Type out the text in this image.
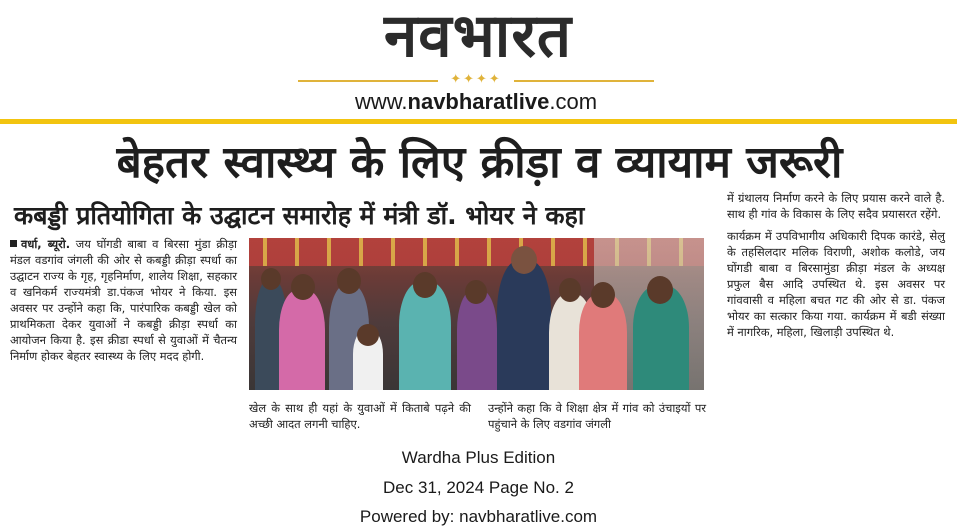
नवभारत
✦✦✦✦
www.navbharatlive.com
बेहतर स्वास्थ्य के लिए क्रीड़ा व व्यायाम जरूरी
कबड्डी प्रतियोगिता के उद्घाटन समारोह में मंत्री डॉ. भोयर ने कहा

वर्धा, ब्यूरो. जय घोंगडी बाबा व बिरसा मुंडा क्रीड़ा मंडल वडगांव जंगली की ओर से कबड्डी क्रीड़ा स्पर्धा का उद्घाटन राज्य के गृह, गृहनिर्माण, शालेय शिक्षा, सहकार व खनिकर्म राज्यमंत्री डा.पंकज भोयर ने किया. इस अवसर पर उन्होंने कहा कि, पारंपारिक कबड्डी खेल को प्राथमिकता देकर युवाओं ने कबड्डी क्रीड़ा स्पर्धा का आयोजन किया है. इस क्रीडा स्पर्धा से युवाओं में चैतन्य निर्माण होकर बेहतर स्वास्थ्य के लिए मदद होगी.

खेल के साथ ही यहां के युवाओं में किताबे पढ़ने की अच्छी आदत लगनी चाहिए.

उन्होंने कहा कि वे शिक्षा क्षेत्र में गांव को उंचाइयों पर पहुंचाने के लिए वडगांव जंगली

में ग्रंथालय निर्माण करने के लिए प्रयास करने वाले है. साथ ही गांव के विकास के लिए सदैव प्रयासरत रहेंगे.

कार्यक्रम में उपविभागीय अधिकारी दिपक कारंडे, सेलु के तहसिलदार मलिक विराणी, अशोक कलोडे, जय घोंगडी बाबा व बिरसामुंडा क्रीड़ा मंडल के अध्यक्ष प्रफुल बैस आदि उपस्थित थे. इस अवसर पर गांववासी व महिला बचत गट की ओर से डा. पंकज भोयर का सत्कार किया गया. कार्यक्रम में बडी संख्या में नागरिक, महिला, खिलाड़ी उपस्थित थे.

Wardha Plus Edition
Dec 31, 2024 Page No. 2
Powered by: navbharatlive.com
